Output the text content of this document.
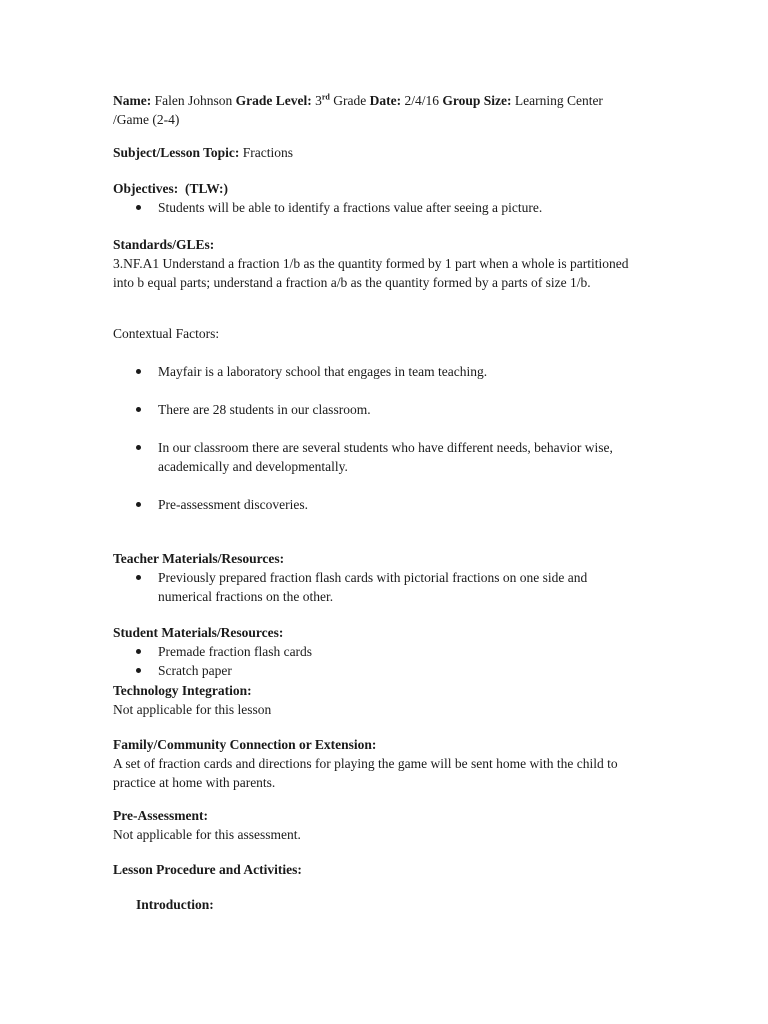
Name: Falen Johnson Grade Level: 3rd Grade Date: 2/4/16 Group Size: Learning Center
/Game (2-4)
Subject/Lesson Topic: Fractions
Objectives:  (TLW:)
Students will be able to identify a fractions value after seeing a picture.
Standards/GLEs:
3.NF.A1 Understand a fraction 1/b as the quantity formed by 1 part when a whole is partitioned into b equal parts; understand a fraction a/b as the quantity formed by a parts of size 1/b.
Contextual Factors:
Mayfair is a laboratory school that engages in team teaching.
There are 28 students in our classroom.
In our classroom there are several students who have different needs, behavior wise, academically and developmentally.
Pre-assessment discoveries.
Teacher Materials/Resources:
Previously prepared fraction flash cards with pictorial fractions on one side and numerical fractions on the other.
Student Materials/Resources:
Premade fraction flash cards
Scratch paper
Technology Integration:
Not applicable for this lesson
Family/Community Connection or Extension:
A set of fraction cards and directions for playing the game will be sent home with the child to practice at home with parents.
Pre-Assessment:
Not applicable for this assessment.
Lesson Procedure and Activities:
Introduction:
